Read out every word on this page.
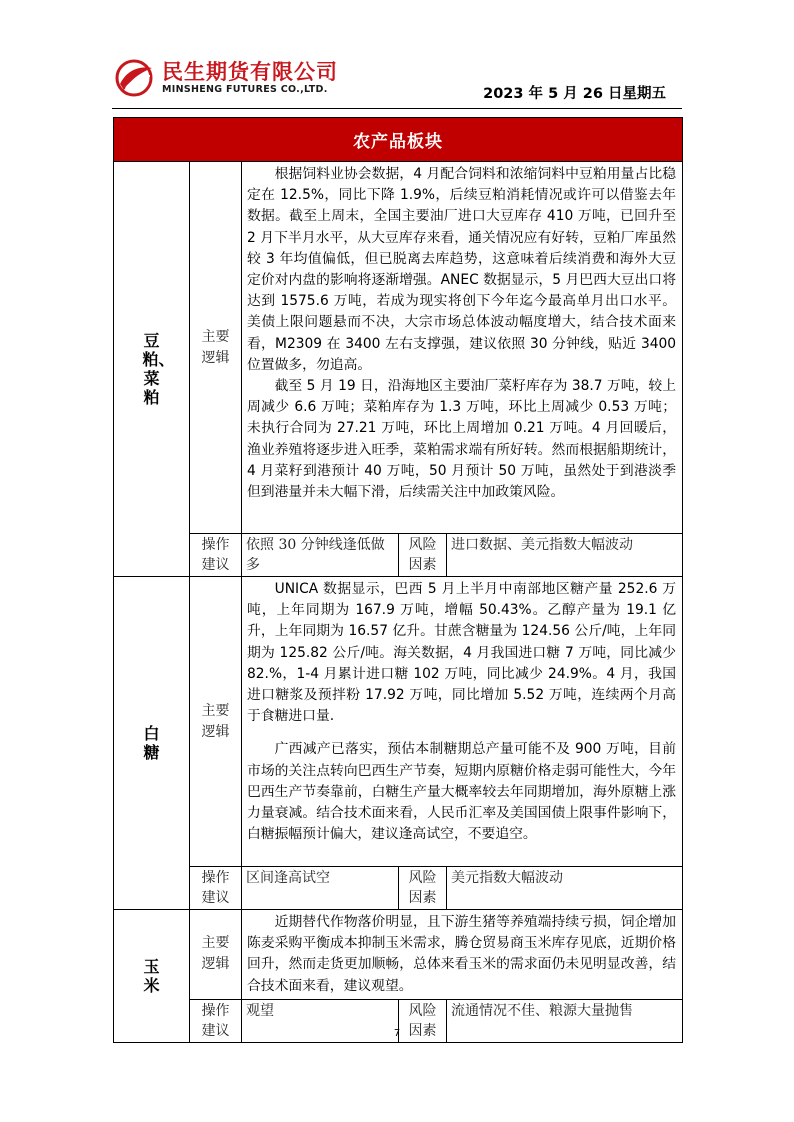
民生期货有限公司
MINSHENG FUTURES CO.,LTD.	2023 年 5 月 26 日星期五
农产品板块				
豆粕、菜粕	主要逻辑	根据饲料业协会数据，4 月配合饲料和浓缩饲料中豆粕用量占比稳定在 12.5%，同比下降 1.9%，后续豆粕消耗情况或许可以借鉴去年数据。截至上周末，全国主要油厂进口大豆库存 410 万吨，已回升至 2 月下半月水平，从大豆库存来看，通关情况应有好转，豆粕厂库虽然较 3 年均值偏低，但已脱离去库趋势，这意味着后续消费和海外大豆定价对内盘的影响将逐渐增强。ANEC 数据显示，5 月巴西大豆出口将达到 1575.6 万吨，若成为现实将创下今年迄今最高单月出口水平。美债上限问题悬而不决，大宗市场总体波动幅度增大，结合技术面来看，M2309 在 3400 左右支撑强，建议依照 30 分钟线，贴近 3400 位置做多，勿追高。

截至 5 月 19 日，沿海地区主要油厂菜籽库存为 38.7 万吨，较上周减少 6.6 万吨；菜粕库存为 1.3 万吨，环比上周减少 0.53 万吨；未执行合同为 27.21 万吨，环比上周增加 0.21 万吨。4 月回暖后，渔业养殖将逐步进入旺季，菜粕需求端有所好转。然而根据船期统计，4 月菜籽到港预计 40 万吨，50 月预计 50 万吨，虽然处于到港淡季但到港量并未大幅下滑，后续需关注中加政策风险。		

	操作建议	依照 30 分钟线逢低做多	风险因素	进口数据、美元指数大幅波动
白糖	主要逻辑	UNICA 数据显示，巴西 5 月上半月中南部地区糖产量 252.6 万吨，上年同期为 167.9 万吨，增幅 50.43%。乙醇产量为 19.1 亿升，上年同期为 16.57 亿升。甘蔗含糖量为 124.56 公斤/吨，上年同期为 125.82 公斤/吨。海关数据，4 月我国进口糖 7 万吨，同比减少 82.%，1-4 月累计进口糖 102 万吨，同比减少 24.9%。4 月，我国进口糖浆及预拌粉 17.92 万吨，同比增加 5.52 万吨，连续两个月高于食糖进口量.

广西减产已落实，预估本制糖期总产量可能不及 900 万吨，目前市场的关注点转向巴西生产节奏，短期内原糖价格走弱可能性大，今年巴西生产节奏靠前，白糖生产量大概率较去年同期增加，海外原糖上涨力量衰减。结合技术面来看，人民币汇率及美国国债上限事件影响下，白糖振幅预计偏大，建议逢高试空，不要追空。		

	操作建议	区间逢高试空	风险因素	美元指数大幅波动
玉米	主要逻辑	近期替代作物落价明显，且下游生猪等养殖端持续亏损，饲企增加陈麦采购平衡成本抑制玉米需求，腾仓贸易商玉米库存见底，近期价格回升，然而走货更加顺畅，总体来看玉米的需求面仍未见明显改善，结合技术面来看，建议观望。		

	操作建议	观望	风险因素	流通情况不佳、粮源大量抛售
7
